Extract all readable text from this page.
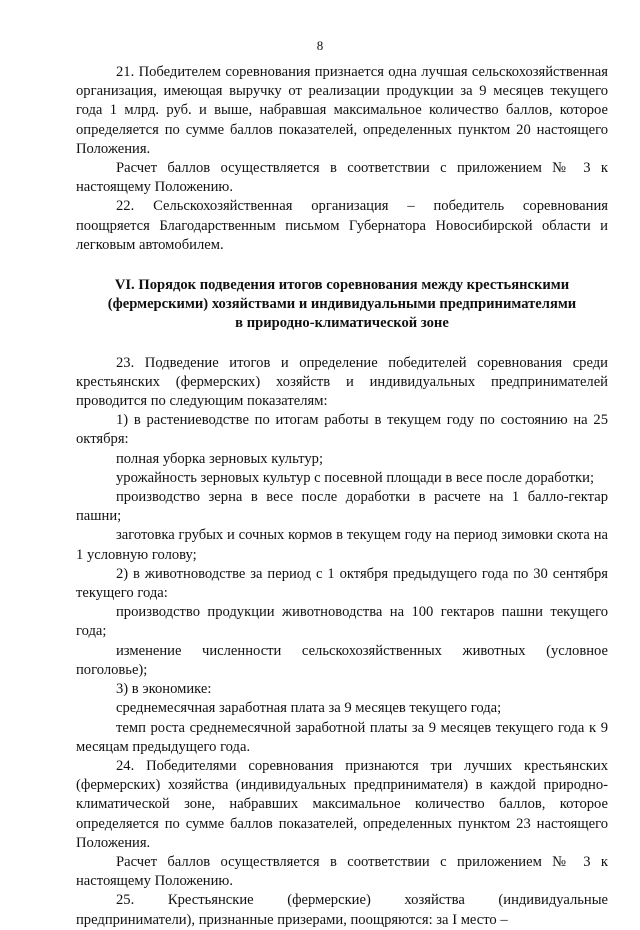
8

21. Победителем соревнования признается одна лучшая сельскохозяйственная организация, имеющая выручку от реализации продукции за 9 месяцев текущего года 1 млрд. руб. и выше, набравшая максимальное количество баллов, которое определяется по сумме баллов показателей, определенных пунктом 20 настоящего Положения.

Расчет баллов осуществляется в соответствии с приложением № 3 к настоящему Положению.

22. Сельскохозяйственная организация – победитель соревнования поощряется Благодарственным письмом Губернатора Новосибирской области и легковым автомобилем.

VI. Порядок подведения итогов соревнования между крестьянскими
(фермерскими) хозяйствами и индивидуальными предпринимателями
в природно-климатической зоне

23. Подведение итогов и определение победителей соревнования среди крестьянских (фермерских) хозяйств и индивидуальных предпринимателей проводится по следующим показателям:

1) в растениеводстве по итогам работы в текущем году по состоянию на 25 октября:

полная уборка зерновых культур;

урожайность зерновых культур с посевной площади в весе после доработки;

производство зерна в весе после доработки в расчете на 1 балло-гектар пашни;

заготовка грубых и сочных кормов в текущем году на период зимовки скота на 1 условную голову;

2) в животноводстве за период с 1 октября предыдущего года по 30 сентября текущего года:

производство продукции животноводства на 100 гектаров пашни текущего года;

изменение численности сельскохозяйственных животных (условное поголовье);

3) в экономике:

среднемесячная заработная плата за 9 месяцев текущего года;

темп роста среднемесячной заработной платы за 9 месяцев текущего года к 9 месяцам предыдущего года.

24. Победителями соревнования признаются три лучших крестьянских (фермерских) хозяйства (индивидуальных предпринимателя) в каждой природно-климатической зоне, набравших максимальное количество баллов, которое определяется по сумме баллов показателей, определенных пунктом 23 настоящего Положения.

Расчет баллов осуществляется в соответствии с приложением № 3 к настоящему Положению.

25. Крестьянские (фермерские) хозяйства (индивидуальные предприниматели), признанные призерами, поощряются: за I место –
